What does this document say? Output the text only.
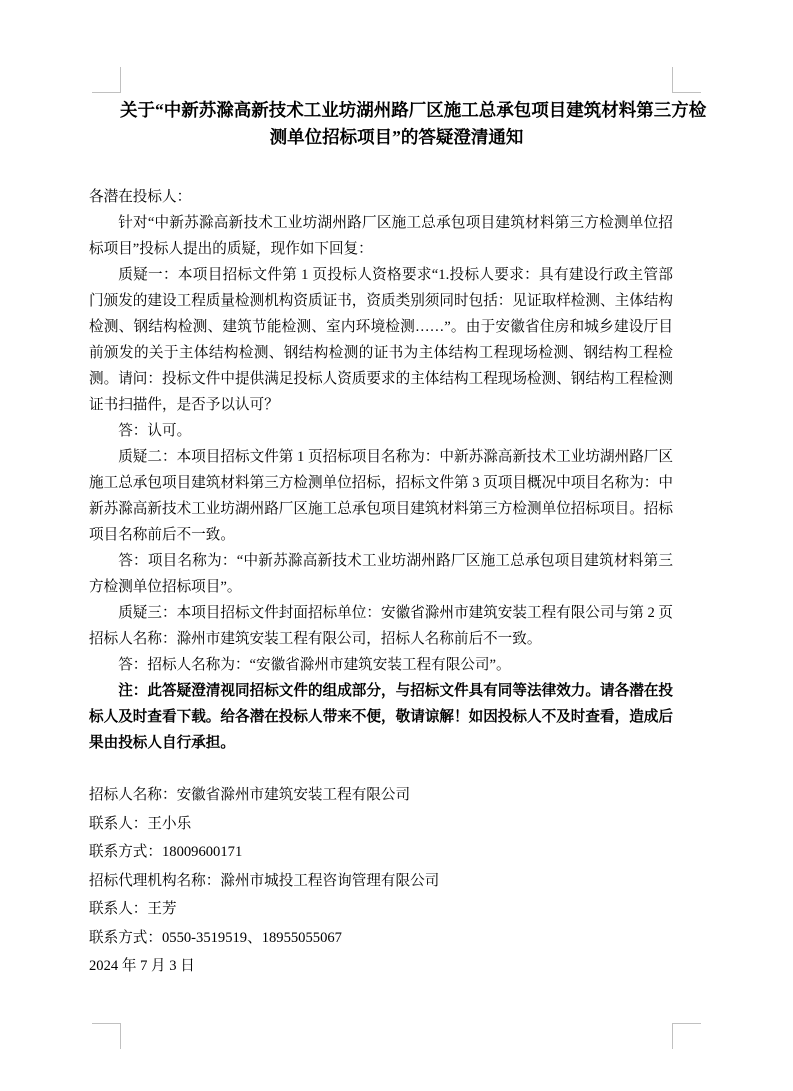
关于“中新苏滁高新技术工业坊湖州路厂区施工总承包项目建筑材料第三方检
测单位招标项目”的答疑澄清通知
各潜在投标人：
针对“中新苏滁高新技术工业坊湖州路厂区施工总承包项目建筑材料第三方检测单位招标项目”投标人提出的质疑，现作如下回复：
质疑一：本项目招标文件第 1 页投标人资格要求“1.投标人要求：具有建设行政主管部门颁发的建设工程质量检测机构资质证书，资质类别须同时包括：见证取样检测、主体结构检测、钢结构检测、建筑节能检测、室内环境检测……”。由于安徽省住房和城乡建设厅目前颁发的关于主体结构检测、钢结构检测的证书为主体结构工程现场检测、钢结构工程检测。请问：投标文件中提供满足投标人资质要求的主体结构工程现场检测、钢结构工程检测证书扫描件，是否予以认可？
答：认可。
质疑二：本项目招标文件第 1 页招标项目名称为：中新苏滁高新技术工业坊湖州路厂区施工总承包项目建筑材料第三方检测单位招标，招标文件第 3 页项目概况中项目名称为：中新苏滁高新技术工业坊湖州路厂区施工总承包项目建筑材料第三方检测单位招标项目。招标项目名称前后不一致。
答：项目名称为：“中新苏滁高新技术工业坊湖州路厂区施工总承包项目建筑材料第三方检测单位招标项目”。
质疑三：本项目招标文件封面招标单位：安徽省滁州市建筑安装工程有限公司与第 2 页招标人名称：滁州市建筑安装工程有限公司，招标人名称前后不一致。
答：招标人名称为：“安徽省滁州市建筑安装工程有限公司”。
注：此答疑澄清视同招标文件的组成部分，与招标文件具有同等法律效力。请各潜在投标人及时查看下载。给各潜在投标人带来不便，敬请谅解！如因投标人不及时查看，造成后果由投标人自行承担。
招标人名称：安徽省滁州市建筑安装工程有限公司
联系人：王小乐
联系方式：18009600171
招标代理机构名称：滁州市城投工程咨询管理有限公司
联系人：王芳
联系方式：0550-3519519、18955055067
2024 年 7 月 3 日
